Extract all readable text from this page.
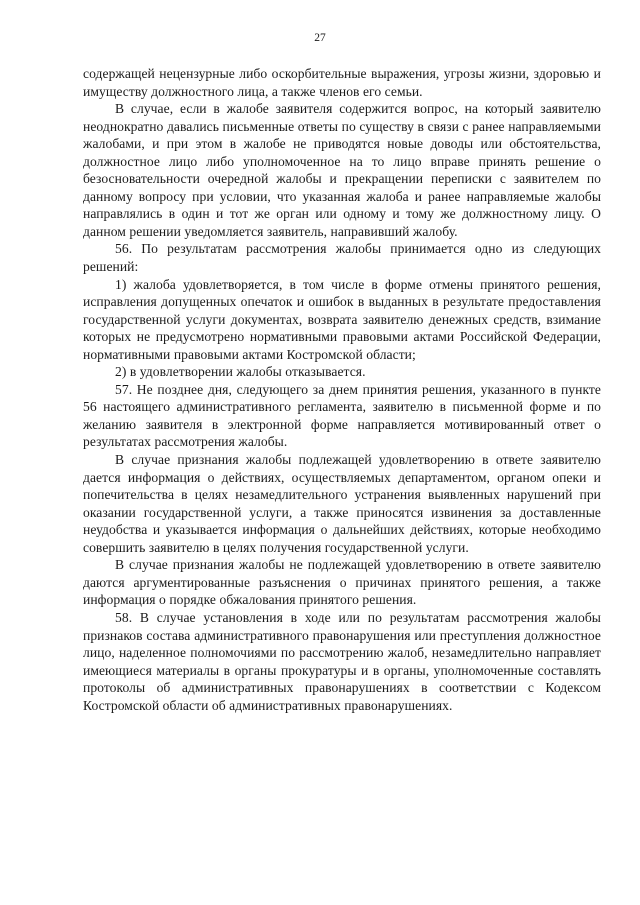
27

содержащей нецензурные либо оскорбительные выражения, угрозы жизни, здоровью и имуществу должностного лица, а также членов его семьи.

В случае, если в жалобе заявителя содержится вопрос, на который заявителю неоднократно давались письменные ответы по существу в связи с ранее направляемыми жалобами, и при этом в жалобе не приводятся новые доводы или обстоятельства, должностное лицо либо уполномоченное на то лицо вправе принять решение о безосновательности очередной жалобы и прекращении переписки с заявителем по данному вопросу при условии, что указанная жалоба и ранее направляемые жалобы направлялись в один и тот же орган или одному и тому же должностному лицу. О данном решении уведомляется заявитель, направивший жалобу.

56. По результатам рассмотрения жалобы принимается одно из следующих решений:

1) жалоба удовлетворяется, в том числе в форме отмены принятого решения, исправления допущенных опечаток и ошибок в выданных в результате предоставления государственной услуги документах, возврата заявителю денежных средств, взимание которых не предусмотрено нормативными правовыми актами Российской Федерации, нормативными правовыми актами Костромской области;

2) в удовлетворении жалобы отказывается.

57. Не позднее дня, следующего за днем принятия решения, указанного в пункте 56 настоящего административного регламента, заявителю в письменной форме и по желанию заявителя в электронной форме направляется мотивированный ответ о результатах рассмотрения жалобы.

В случае признания жалобы подлежащей удовлетворению в ответе заявителю дается информация о действиях, осуществляемых департаментом, органом опеки и попечительства в целях незамедлительного устранения выявленных нарушений при оказании государственной услуги, а также приносятся извинения за доставленные неудобства и указывается информация о дальнейших действиях, которые необходимо совершить заявителю в целях получения государственной услуги.

В случае признания жалобы не подлежащей удовлетворению в ответе заявителю даются аргументированные разъяснения о причинах принятого решения, а также информация о порядке обжалования принятого решения.

58. В случае установления в ходе или по результатам рассмотрения жалобы признаков состава административного правонарушения или преступления должностное лицо, наделенное полномочиями по рассмотрению жалоб, незамедлительно направляет имеющиеся материалы в органы прокуратуры и в органы, уполномоченные составлять протоколы об административных правонарушениях в соответствии с Кодексом Костромской области об административных правонарушениях.
